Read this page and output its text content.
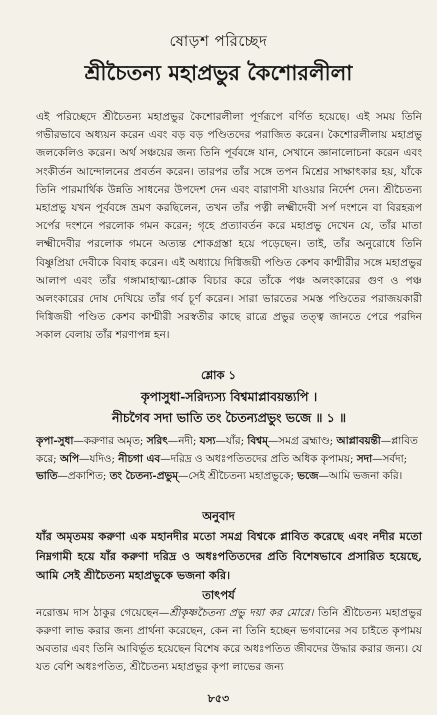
ষোড়শ পরিচ্ছেদ
শ্রীচৈতন্য মহাপ্রভুর কৈশোরলীলা
এই পরিচ্ছেদে শ্রীচৈতন্য মহাপ্রভুর কৈশোরলীলা পূর্ণরূপে বর্ণিত হয়েছে। এই সময় তিনি গভীরভাবে অধ্যয়ন করেন এবং বড় বড় পণ্ডিতদের পরাজিত করেন। কৈশোরলীলায় মহাপ্রভু জলকেলিও করেন। অর্থ সঞ্চয়ের জন্য তিনি পূর্ববঙ্গে যান, সেখানে জ্ঞানালোচনা করেন এবং সংকীর্তন আন্দোলনের প্রবর্তন করেন। তারপর তাঁর সঙ্গে তপন মিশ্রের সাক্ষাৎকার হয়, যাঁকে তিনি পারমার্থিক উন্নতি সাধনের উপদেশ দেন এবং বারাণসী যাওয়ার নির্দেশ দেন। শ্রীচৈতন্য মহাপ্রভু যখন পূর্ববঙ্গে ভ্রমণ করছিলেন, তখন তাঁর পত্নী লক্ষ্মীদেবী সর্প দংশনে বা বিরহরূপ সর্পের দংশনে পরলোক গমন করেন; গৃহে প্রত্যাবর্তন করে মহাপ্রভু দেখেন যে, তাঁর মাতা লক্ষ্মীদেবীর পরলোক গমনে অত্যন্ত শোকগ্রস্তা হয়ে পড়েছেন। তাই, তাঁর অনুরোধে তিনি বিষ্ণুপ্রিয়া দেবীকে বিবাহ করেন। এই অধ্যায়ে দিগ্বিজয়ী পণ্ডিত কেশব কাশ্মীরীর সঙ্গে মহাপ্রভুর আলাপ এবং তাঁর গঙ্গামাহাত্ম্য-শ্লোক বিচার করে তাঁকে পঞ্চ অলংকারের গুণ ও পঞ্চ অলংকারের দোষ দেখিয়ে তাঁর গর্ব চূর্ণ করেন। সারা ভারতের সমস্ত পণ্ডিতের পরাজয়কারী দিগ্বিজয়ী পণ্ডিত কেশব কাশ্মীরী সরস্বতীর কাছে রাত্রে প্রভুর তত্ত্ব জানতে পেরে পরদিন সকাল বেলায় তাঁর শরণাপন্ন হন।
শ্লোক ১
কৃপাসুধা-সরিদ্যস্য বিশ্বমাপ্লাবয়ন্ত্যপি ।
নীচগৈব সদা ভাতি তং চৈতন্যপ্রভুং ভজে ॥ ১ ॥
কৃপা-সুধা—করুণার অমৃত; সরিৎ—নদী; যস্য—যাঁর; বিশ্বম্—সমগ্র ব্রহ্মাণ্ড; আপ্লাবয়ন্তী—প্লাবিত করে; অপি—যদিও; নীচগা এব—দরিদ্র ও অধঃপতিতদের প্রতি অধিক কৃপাময়; সদা—সর্বদা; ভাতি—প্রকাশিত; তং চৈতন্য-প্রভুম্—সেই শ্রীচৈতন্য মহাপ্রভুকে; ভজে—আমি ভজনা করি।
অনুবাদ
যাঁর অমৃতময় করুণা এক মহানদীর মতো সমগ্র বিশ্বকে প্লাবিত করেছে এবং নদীর মতো নিম্নগামী হয়ে যাঁর করুণা দরিদ্র ও অধঃপতিতদের প্রতি বিশেষভাবে প্রসারিত হয়েছে, আমি সেই শ্রীচৈতন্য মহাপ্রভুকে ভজনা করি।
তাৎপর্য
নরোত্তম দাস ঠাকুর গেয়েছেন—শ্রীকৃষ্ণচৈতন্য প্রভু দয়া কর মোরে। তিনি শ্রীচৈতন্য মহাপ্রভুর করুণা লাভ করার জন্য প্রার্থনা করেছেন, কেন না তিনি হচ্ছেন ভগবানের সব চাইতে কৃপাময় অবতার এবং তিনি আবির্ভূত হয়েছেন বিশেষ করে অধঃপতিত জীবদের উদ্ধার করার জন্য। যে যত বেশি অধঃপতিত, শ্রীচৈতন্য মহাপ্রভুর কৃপা লাভের জন্য
৮৫৩
